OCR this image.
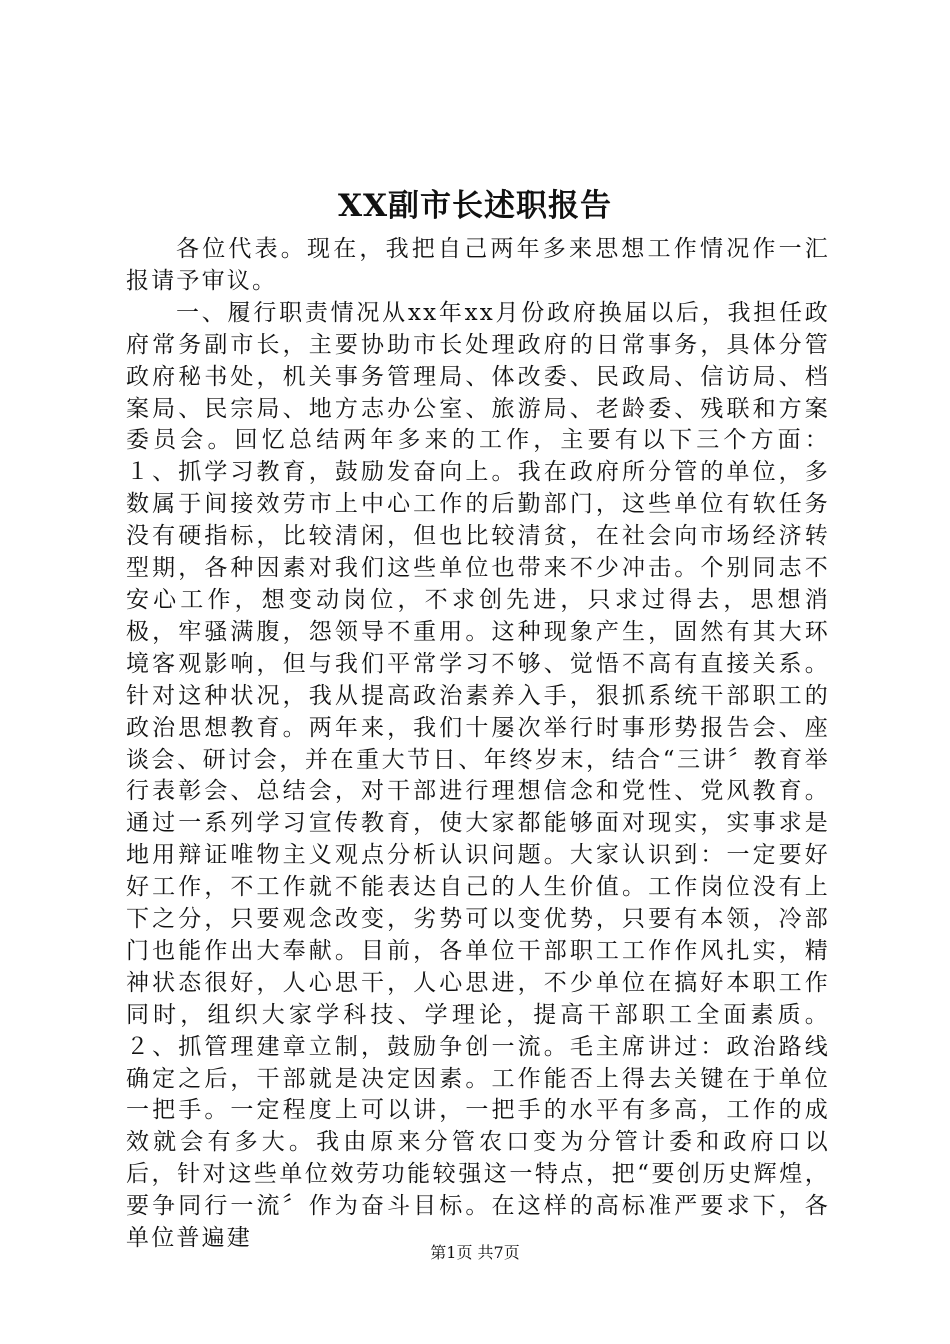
XX副市长述职报告

各位代表。现在，我把自己两年多来思想工作情况作一汇报请予审议。

一、履行职责情况从xx年xx月份政府换届以后，我担任政府常务副市长，主要协助市长处理政府的日常事务，具体分管政府秘书处，机关事务管理局、体改委、民政局、信访局、档案局、民宗局、地方志办公室、旅游局、老龄委、残联和方案委员会。回忆总结两年多来的工作，主要有以下三个方面：１、抓学习教育，鼓励发奋向上。我在政府所分管的单位，多数属于间接效劳市上中心工作的后勤部门，这些单位有软任务没有硬指标，比较清闲，但也比较清贫，在社会向市场经济转型期，各种因素对我们这些单位也带来不少冲击。个别同志不安心工作，想变动岗位，不求创先进，只求过得去，思想消极，牢骚满腹，怨领导不重用。这种现象产生，固然有其大环境客观影响，但与我们平常学习不够、觉悟不高有直接关系。针对这种状况，我从提高政治素养入手，狠抓系统干部职工的政治思想教育。两年来，我们十屡次举行时事形势报告会、座谈会、研讨会，并在重大节日、年终岁末，结合“三讲〞教育举行表彰会、总结会，对干部进行理想信念和党性、党风教育。通过一系列学习宣传教育，使大家都能够面对现实，实事求是地用辩证唯物主义观点分析认识问题。大家认识到：一定要好好工作，不工作就不能表达自己的人生价值。工作岗位没有上下之分，只要观念改变，劣势可以变优势，只要有本领，冷部门也能作出大奉献。目前，各单位干部职工工作作风扎实，精神状态很好，人心思干，人心思进，不少单位在搞好本职工作同时，组织大家学科技、学理论，提高干部职工全面素质。２、抓管理建章立制，鼓励争创一流。毛主席讲过：政治路线确定之后，干部就是决定因素。工作能否上得去关键在于单位一把手。一定程度上可以讲，一把手的水平有多高，工作的成效就会有多大。我由原来分管农口变为分管计委和政府口以后，针对这些单位效劳功能较强这一特点，把“要创历史辉煌，要争同行一流〞作为奋斗目标。在这样的高标准严要求下，各单位普遍建

第1页 共7页
